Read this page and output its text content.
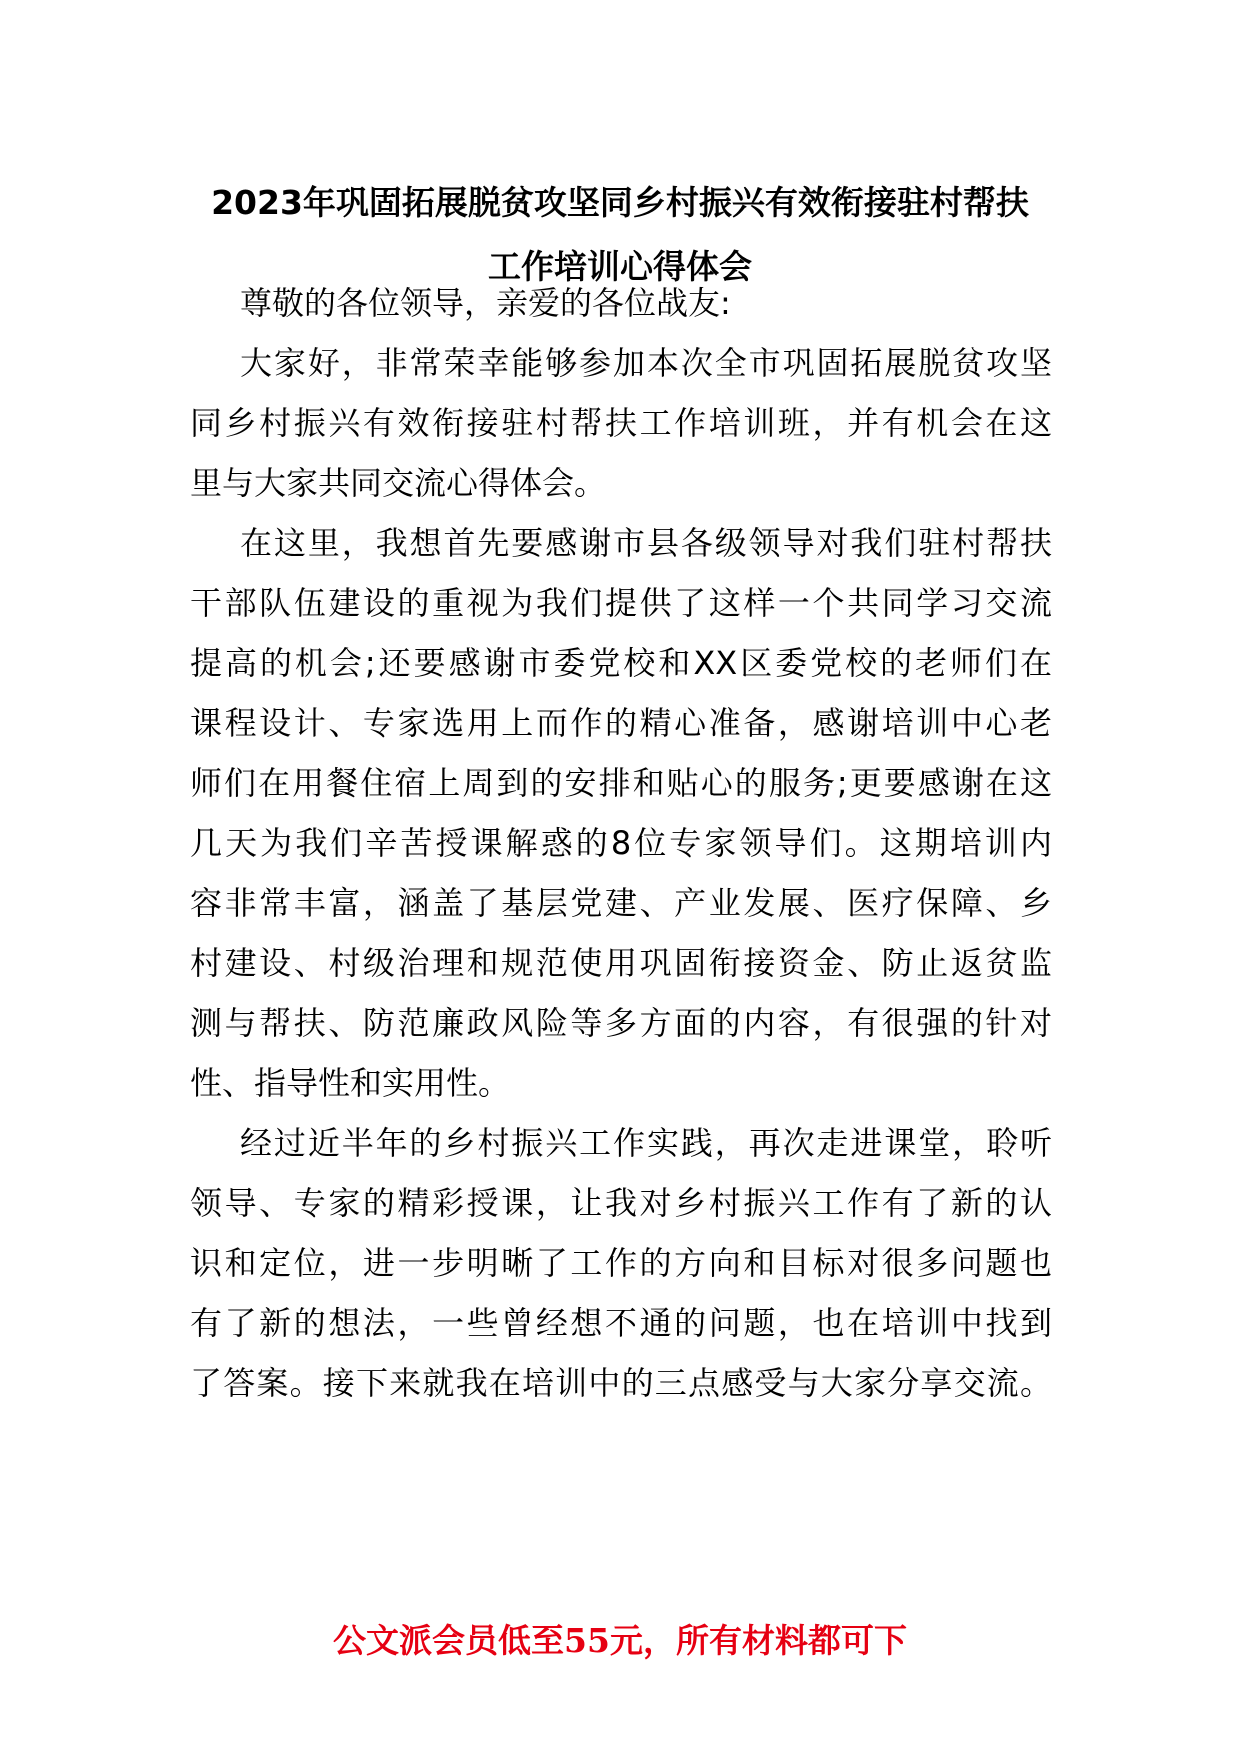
2023年巩固拓展脱贫攻坚同乡村振兴有效衔接驻村帮扶
工作培训心得体会
尊敬的各位领导，亲爱的各位战友:
大家好，非常荣幸能够参加本次全市巩固拓展脱贫攻坚
同乡村振兴有效衔接驻村帮扶工作培训班，并有机会在这
里与大家共同交流心得体会。
在这里，我想首先要感谢市县各级领导对我们驻村帮扶
干部队伍建设的重视为我们提供了这样一个共同学习交流
提高的机会;还要感谢市委党校和XX区委党校的老师们在
课程设计、专家选用上而作的精心准备，感谢培训中心老
师们在用餐住宿上周到的安排和贴心的服务;更要感谢在这
几天为我们辛苦授课解惑的8位专家领导们。这期培训内
容非常丰富，涵盖了基层党建、产业发展、医疗保障、乡
村建设、村级治理和规范使用巩固衔接资金、防止返贫监
测与帮扶、防范廉政风险等多方面的内容，有很强的针对
性、指导性和实用性。
经过近半年的乡村振兴工作实践，再次走进课堂，聆听
领导、专家的精彩授课，让我对乡村振兴工作有了新的认
识和定位，进一步明晰了工作的方向和目标对很多问题也
有了新的想法，一些曾经想不通的问题，也在培训中找到
了答案。接下来就我在培训中的三点感受与大家分享交流。
公文派会员低至55元，所有材料都可下
